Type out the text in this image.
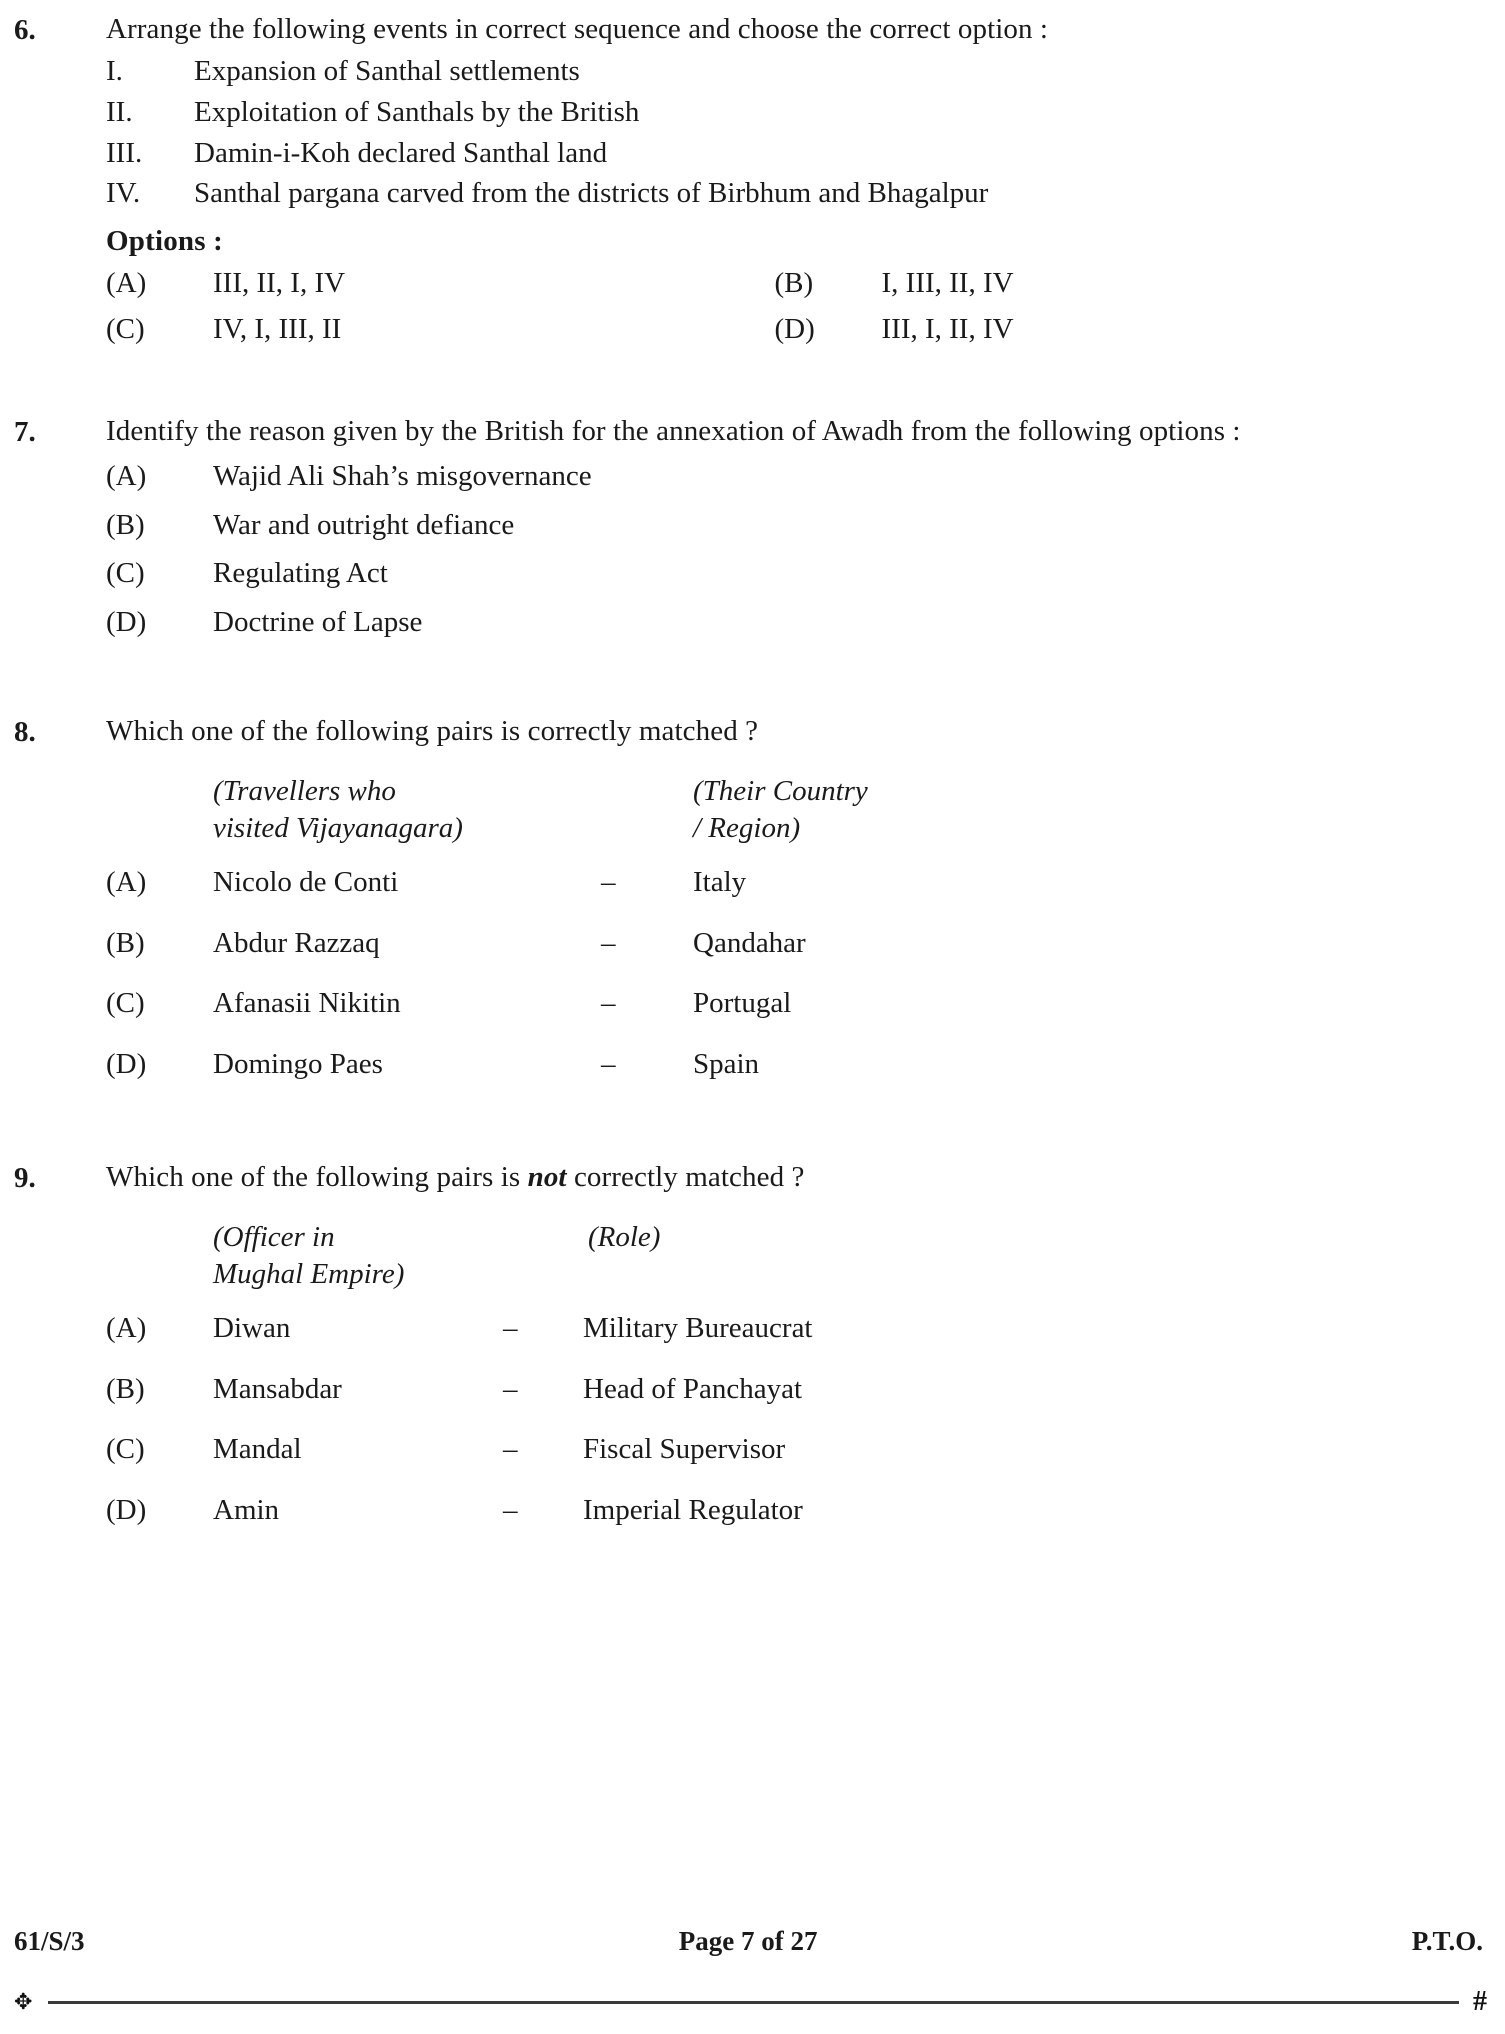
6.	Arrange the following events in correct sequence and choose the correct option :
I.	Expansion of Santhal settlements
II.	Exploitation of Santhals by the British
III.	Damin-i-Koh declared Santhal land
IV.	Santhal pargana carved from the districts of Birbhum and Bhagalpur
Options :
(A)	III, II, I, IV	(B)	I, III, II, IV
(C)	IV, I, III, II	(D)	III, I, II, IV
7.	Identify the reason given by the British for the annexation of Awadh from the following options :
(A)	Wajid Ali Shah’s misgovernance
(B)	War and outright defiance
(C)	Regulating Act
(D)	Doctrine of Lapse
8.	Which one of the following pairs is correctly matched ?
(Travellers who
visited Vijayanagara)
(Their Country
/ Region)
(A)	Nicolo de Conti	–	Italy
(B)	Abdur Razzaq	–	Qandahar
(C)	Afanasii Nikitin	–	Portugal
(D)	Domingo Paes	–	Spain
9.	Which one of the following pairs is not correctly matched ?
(Officer in
Mughal Empire)
(Role)
(A)	Diwan	–	Military Bureaucrat
(B)	Mansabdar	–	Head of Panchayat
(C)	Mandal	–	Fiscal Supervisor
(D)	Amin	–	Imperial Regulator
61/S/3	Page 7 of 27	P.T.O.
✥	#
